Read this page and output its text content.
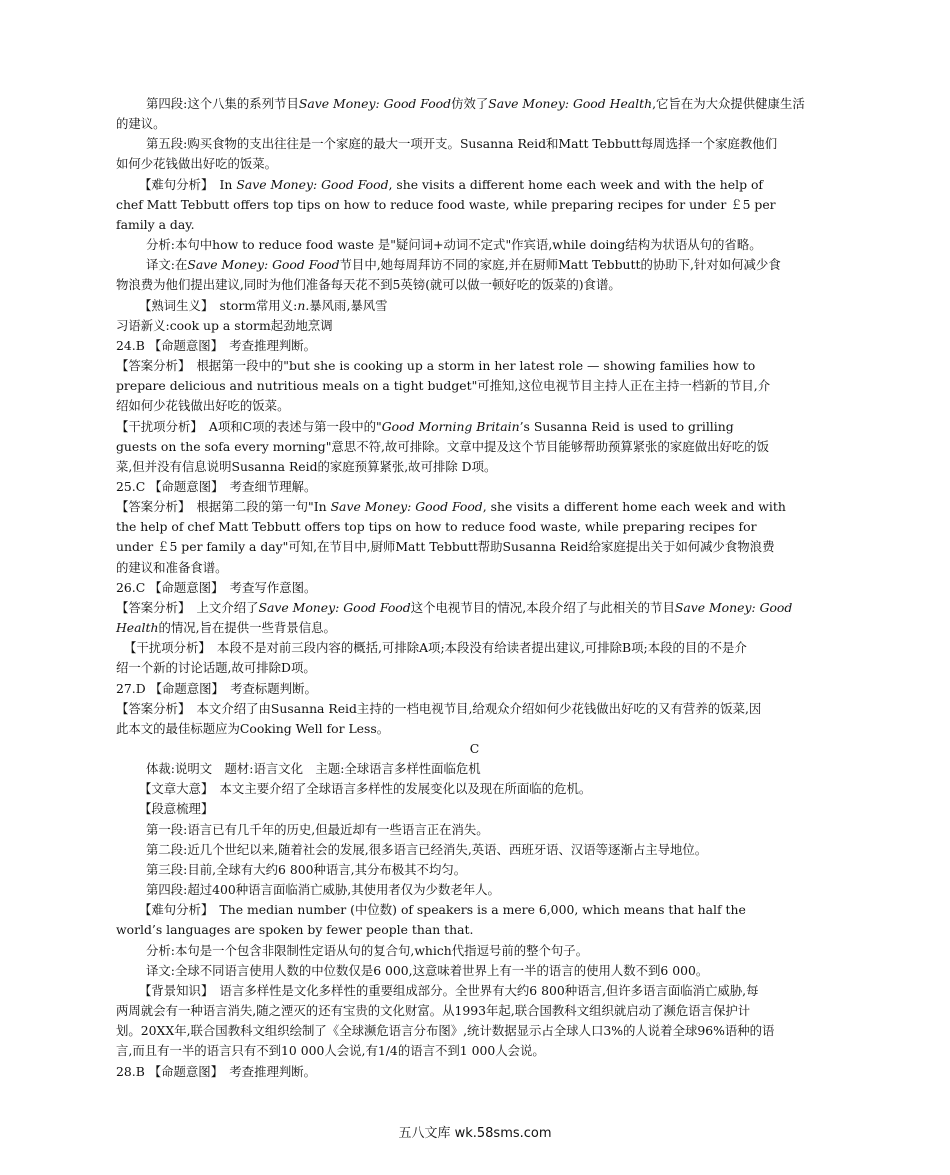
第四段:这个八集的系列节目Save Money: Good Food仿效了Save Money: Good Health,它旨在为大众提供健康生活

的建议。

第五段:购买食物的支出往往是一个家庭的最大一项开支。Susanna Reid和Matt Tebbutt每周选择一个家庭教他们

如何少花钱做出好吃的饭菜。

【难句分析】　In Save Money: Good Food, she visits a different home each week and with the help of

chef Matt Tebbutt offers top tips on how to reduce food waste, while preparing recipes for under ￡5 per

family a day.

分析:本句中how to reduce food waste 是"疑问词+动词不定式"作宾语,while doing结构为状语从句的省略。

译文:在Save Money: Good Food节目中,她每周拜访不同的家庭,并在厨师Matt Tebbutt的协助下,针对如何减少食

物浪费为他们提出建议,同时为他们准备每天花不到5英镑(就可以做一顿好吃的饭菜的)食谱。

【熟词生义】　storm常用义:n.暴风雨,暴风雪

习语新义:cook up a storm起劲地烹调

24.B 【命题意图】　考查推理判断。

【答案分析】　根据第一段中的"but she is cooking up a storm in her latest role — showing families how to

prepare delicious and nutritious meals on a tight budget"可推知,这位电视节目主持人正在主持一档新的节目,介

绍如何少花钱做出好吃的饭菜。

【干扰项分析】　A项和C项的表述与第一段中的"Good Morning Britain’s Susanna Reid is used to grilling

guests on the sofa every morning"意思不符,故可排除。文章中提及这个节目能够帮助预算紧张的家庭做出好吃的饭

菜,但并没有信息说明Susanna Reid的家庭预算紧张,故可排除 D项。

25.C 【命题意图】　考查细节理解。

【答案分析】　根据第二段的第一句"In Save Money: Good Food, she visits a different home each week and with

the help of chef Matt Tebbutt offers top tips on how to reduce food waste, while preparing recipes for

under ￡5 per family a day"可知,在节目中,厨师Matt Tebbutt帮助Susanna Reid给家庭提出关于如何减少食物浪费

的建议和准备食谱。

26.C 【命题意图】　考查写作意图。

【答案分析】　上文介绍了Save Money: Good Food这个电视节目的情况,本段介绍了与此相关的节目Save Money: Good

Health的情况,旨在提供一些背景信息。

【干扰项分析】　本段不是对前三段内容的概括,可排除A项;本段没有给读者提出建议,可排除B项;本段的目的不是介

绍一个新的讨论话题,故可排除D项。

27.D 【命题意图】　考查标题判断。

【答案分析】　本文介绍了由Susanna Reid主持的一档电视节目,给观众介绍如何少花钱做出好吃的又有营养的饭菜,因

此本文的最佳标题应为Cooking Well for Less。

C

体裁:说明文　题材:语言文化　主题:全球语言多样性面临危机

【文章大意】　本文主要介绍了全球语言多样性的发展变化以及现在所面临的危机。

【段意梳理】

第一段:语言已有几千年的历史,但最近却有一些语言正在消失。

第二段:近几个世纪以来,随着社会的发展,很多语言已经消失,英语、西班牙语、汉语等逐渐占主导地位。

第三段:目前,全球有大约6 800种语言,其分布极其不均匀。

第四段:超过400种语言面临消亡威胁,其使用者仅为少数老年人。

【难句分析】　The median number (中位数) of speakers is a mere 6,000, which means that half the

world’s languages are spoken by fewer people than that.

分析:本句是一个包含非限制性定语从句的复合句,which代指逗号前的整个句子。

译文:全球不同语言使用人数的中位数仅是6 000,这意味着世界上有一半的语言的使用人数不到6 000。

【背景知识】　语言多样性是文化多样性的重要组成部分。全世界有大约6 800种语言,但许多语言面临消亡威胁,每

两周就会有一种语言消失,随之湮灭的还有宝贵的文化财富。从1993年起,联合国教科文组织就启动了濒危语言保护计

划。20XX年,联合国教科文组织绘制了《全球濒危语言分布图》,统计数据显示占全球人口3%的人说着全球96%语种的语

言,而且有一半的语言只有不到10 000人会说,有1/4的语言不到1 000人会说。

28.B 【命题意图】　考查推理判断。

五八文库 wk.58sms.com
